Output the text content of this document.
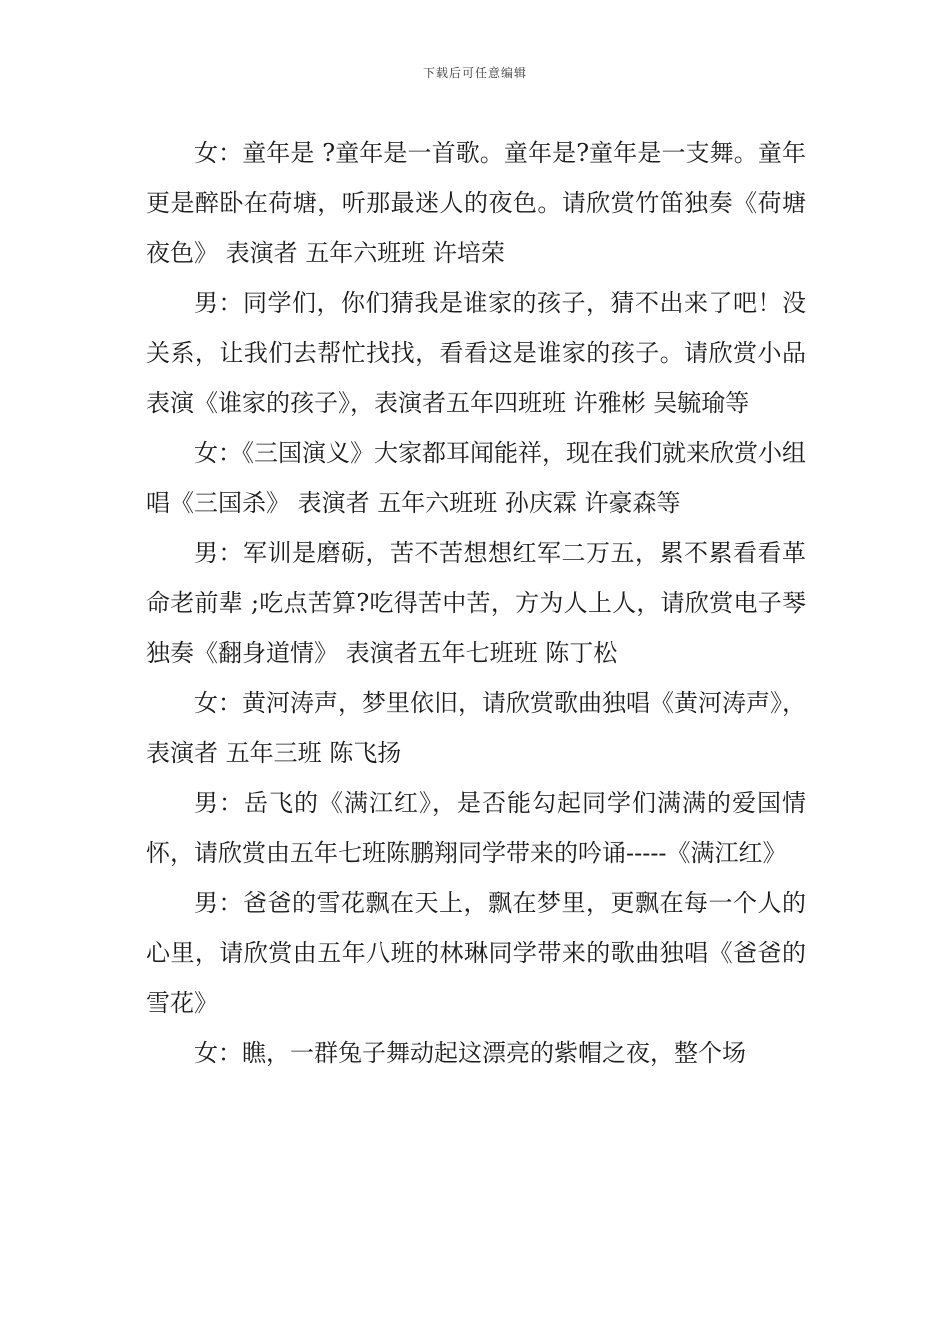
下载后可任意编辑

女：童年是 ?童年是一首歌。童年是?童年是一支舞。童年更是醉卧在荷塘，听那最迷人的夜色。请欣赏竹笛独奏《荷塘夜色》 表演者 五年六班班 许培荣

男：同学们，你们猜我是谁家的孩子，猜不出来了吧！没关系，让我们去帮忙找找，看看这是谁家的孩子。请欣赏小品表演《谁家的孩子》，表演者五年四班班 许雅彬 吴毓瑜等

女：《三国演义》大家都耳闻能祥，现在我们就来欣赏小组唱《三国杀》 表演者 五年六班班 孙庆霖 许豪森等

男：军训是磨砺，苦不苦想想红军二万五，累不累看看革命老前辈 ;吃点苦算?吃得苦中苦，方为人上人，请欣赏电子琴独奏《翻身道情》 表演者五年七班班 陈丁松

女：黄河涛声，梦里依旧，请欣赏歌曲独唱《黄河涛声》，表演者 五年三班 陈飞扬

男：岳飞的《满江红》，是否能勾起同学们满满的爱国情怀，请欣赏由五年七班陈鹏翔同学带来的吟诵-----《满江红》

男：爸爸的雪花飘在天上，飘在梦里，更飘在每一个人的心里，请欣赏由五年八班的林琳同学带来的歌曲独唱《爸爸的雪花》

女：瞧，一群兔子舞动起这漂亮的紫帽之夜，整个场
